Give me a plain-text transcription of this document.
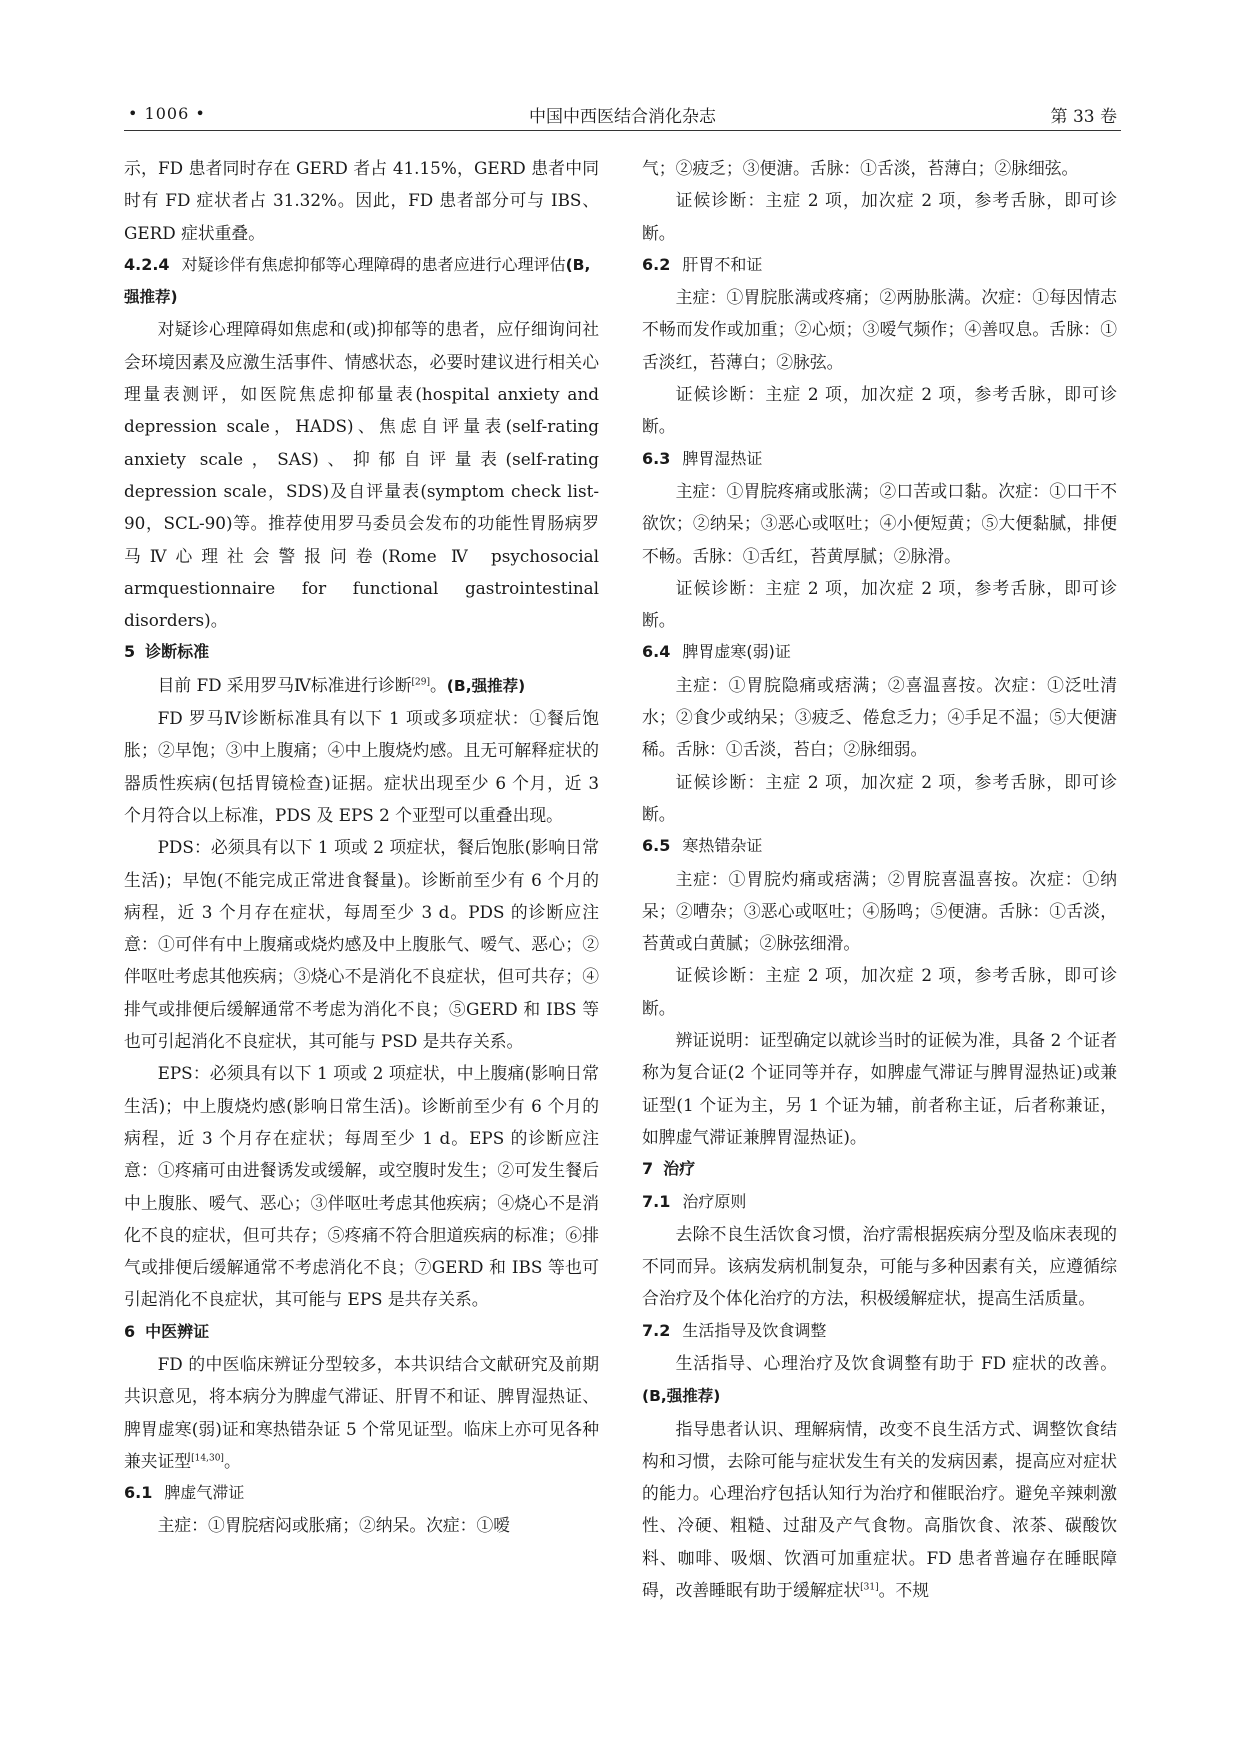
• 1006 •	中国中西医结合消化杂志	第 33 卷

示，FD 患者同时存在 GERD 者占 41.15%，GERD 患者中同时有 FD 症状者占 31.32%。因此，FD 患者部分可与 IBS、GERD 症状重叠。

4.2.4 对疑诊伴有焦虑抑郁等心理障碍的患者应进行心理评估(B,强推荐)

对疑诊心理障碍如焦虑和(或)抑郁等的患者，应仔细询问社会环境因素及应激生活事件、情感状态，必要时建议进行相关心理量表测评，如医院焦虑抑郁量表(hospital anxiety and depression scale，HADS)、焦虑自评量表(self-rating anxiety scale，SAS)、抑郁自评量表(self-rating depression scale，SDS)及自评量表(symptom check list-90，SCL-90)等。推荐使用罗马委员会发布的功能性胃肠病罗马Ⅳ心理社会警报问卷(Rome Ⅳ psychosocial armquestionnaire for functional gastrointestinal disorders)。

5 诊断标准

目前 FD 采用罗马Ⅳ标准进行诊断[29]。(B,强推荐)

FD 罗马Ⅳ诊断标准具有以下 1 项或多项症状：①餐后饱胀；②早饱；③中上腹痛；④中上腹烧灼感。且无可解释症状的器质性疾病(包括胃镜检查)证据。症状出现至少 6 个月，近 3 个月符合以上标准，PDS 及 EPS 2 个亚型可以重叠出现。

PDS：必须具有以下 1 项或 2 项症状，餐后饱胀(影响日常生活)；早饱(不能完成正常进食餐量)。诊断前至少有 6 个月的病程，近 3 个月存在症状，每周至少 3 d。PDS 的诊断应注意：①可伴有中上腹痛或烧灼感及中上腹胀气、嗳气、恶心；②伴呕吐考虑其他疾病；③烧心不是消化不良症状，但可共存；④排气或排便后缓解通常不考虑为消化不良；⑤GERD 和 IBS 等也可引起消化不良症状，其可能与 PSD 是共存关系。

EPS：必须具有以下 1 项或 2 项症状，中上腹痛(影响日常生活)；中上腹烧灼感(影响日常生活)。诊断前至少有 6 个月的病程，近 3 个月存在症状；每周至少 1 d。EPS 的诊断应注意：①疼痛可由进餐诱发或缓解，或空腹时发生；②可发生餐后中上腹胀、嗳气、恶心；③伴呕吐考虑其他疾病；④烧心不是消化不良的症状，但可共存；⑤疼痛不符合胆道疾病的标准；⑥排气或排便后缓解通常不考虑消化不良；⑦GERD 和 IBS 等也可引起消化不良症状，其可能与 EPS 是共存关系。

6 中医辨证

FD 的中医临床辨证分型较多，本共识结合文献研究及前期共识意见，将本病分为脾虚气滞证、肝胃不和证、脾胃湿热证、脾胃虚寒(弱)证和寒热错杂证 5 个常见证型。临床上亦可见各种兼夹证型[14,30]。

6.1 脾虚气滞证

主症：①胃脘痞闷或胀痛；②纳呆。次症：①嗳

气；②疲乏；③便溏。舌脉：①舌淡，苔薄白；②脉细弦。

证候诊断：主症 2 项，加次症 2 项，参考舌脉，即可诊断。

6.2 肝胃不和证

主症：①胃脘胀满或疼痛；②两胁胀满。次症：①每因情志不畅而发作或加重；②心烦；③嗳气频作；④善叹息。舌脉：①舌淡红，苔薄白；②脉弦。

证候诊断：主症 2 项，加次症 2 项，参考舌脉，即可诊断。

6.3 脾胃湿热证

主症：①胃脘疼痛或胀满；②口苦或口黏。次症：①口干不欲饮；②纳呆；③恶心或呕吐；④小便短黄；⑤大便黏腻，排便不畅。舌脉：①舌红，苔黄厚腻；②脉滑。

证候诊断：主症 2 项，加次症 2 项，参考舌脉，即可诊断。

6.4 脾胃虚寒(弱)证

主症：①胃脘隐痛或痞满；②喜温喜按。次症：①泛吐清水；②食少或纳呆；③疲乏、倦怠乏力；④手足不温；⑤大便溏稀。舌脉：①舌淡，苔白；②脉细弱。

证候诊断：主症 2 项，加次症 2 项，参考舌脉，即可诊断。

6.5 寒热错杂证

主症：①胃脘灼痛或痞满；②胃脘喜温喜按。次症：①纳呆；②嘈杂；③恶心或呕吐；④肠鸣；⑤便溏。舌脉：①舌淡，苔黄或白黄腻；②脉弦细滑。

证候诊断：主症 2 项，加次症 2 项，参考舌脉，即可诊断。

辨证说明：证型确定以就诊当时的证候为准，具备 2 个证者称为复合证(2 个证同等并存，如脾虚气滞证与脾胃湿热证)或兼证型(1 个证为主，另 1 个证为辅，前者称主证，后者称兼证，如脾虚气滞证兼脾胃湿热证)。

7 治疗

7.1 治疗原则

去除不良生活饮食习惯，治疗需根据疾病分型及临床表现的不同而异。该病发病机制复杂，可能与多种因素有关，应遵循综合治疗及个体化治疗的方法，积极缓解症状，提高生活质量。

7.2 生活指导及饮食调整

生活指导、心理治疗及饮食调整有助于 FD 症状的改善。(B,强推荐)

指导患者认识、理解病情，改变不良生活方式、调整饮食结构和习惯，去除可能与症状发生有关的发病因素，提高应对症状的能力。心理治疗包括认知行为治疗和催眠治疗。避免辛辣刺激性、冷硬、粗糙、过甜及产气食物。高脂饮食、浓茶、碳酸饮料、咖啡、吸烟、饮酒可加重症状。FD 患者普遍存在睡眠障碍，改善睡眠有助于缓解症状[31]。不规
